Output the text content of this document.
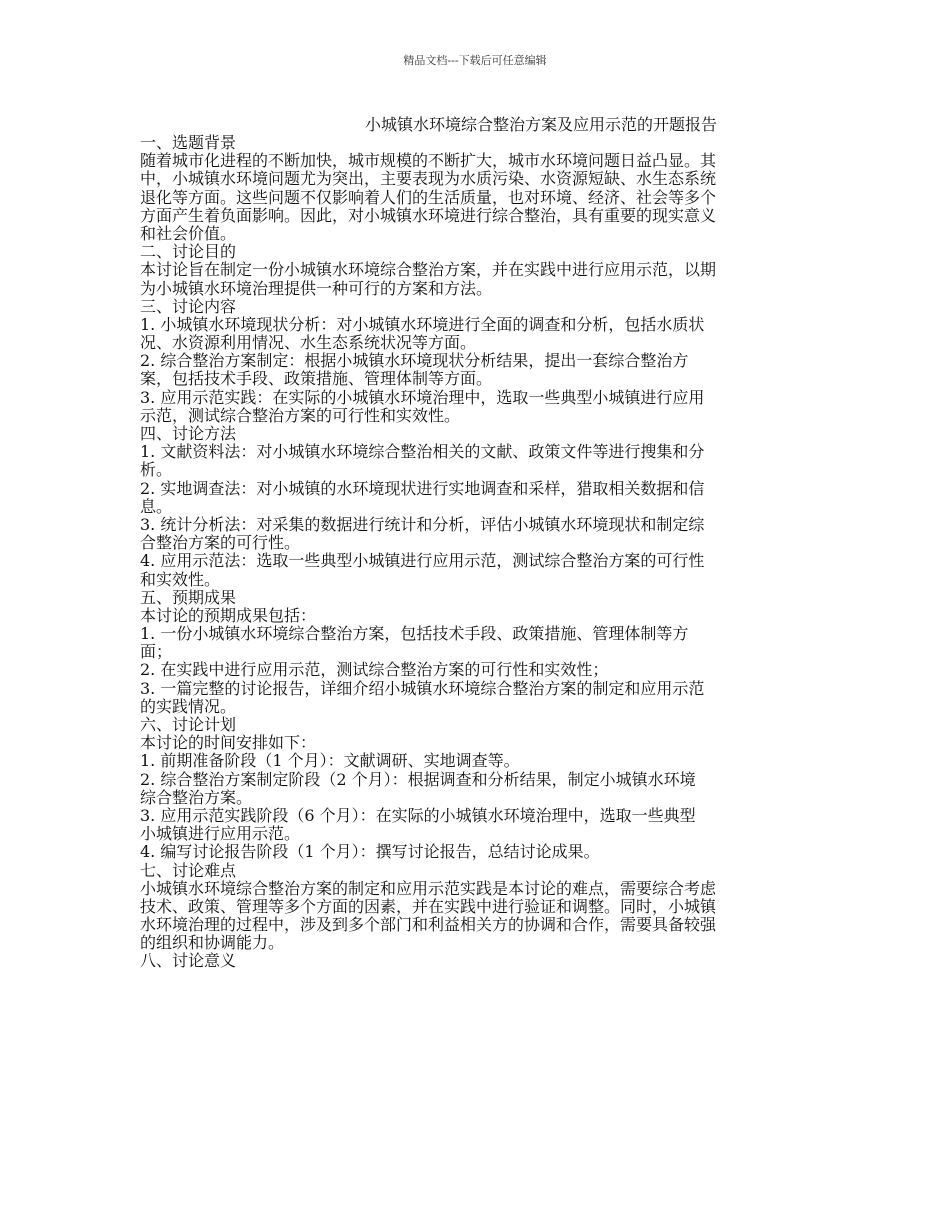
精品文档---下载后可任意编辑
小城镇水环境综合整治方案及应用示范的开题报告
一、选题背景
随着城市化进程的不断加快，城市规模的不断扩大，城市水环境问题日益凸显。其
中，小城镇水环境问题尤为突出，主要表现为水质污染、水资源短缺、水生态系统
退化等方面。这些问题不仅影响着人们的生活质量，也对环境、经济、社会等多个
方面产生着负面影响。因此，对小城镇水环境进行综合整治，具有重要的现实意义
和社会价值。
二、讨论目的
本讨论旨在制定一份小城镇水环境综合整治方案，并在实践中进行应用示范，以期
为小城镇水环境治理提供一种可行的方案和方法。
三、讨论内容
1. 小城镇水环境现状分析：对小城镇水环境进行全面的调查和分析，包括水质状
况、水资源利用情况、水生态系统状况等方面。
2. 综合整治方案制定：根据小城镇水环境现状分析结果，提出一套综合整治方
案，包括技术手段、政策措施、管理体制等方面。
3. 应用示范实践：在实际的小城镇水环境治理中，选取一些典型小城镇进行应用
示范，测试综合整治方案的可行性和实效性。
四、讨论方法
1. 文献资料法：对小城镇水环境综合整治相关的文献、政策文件等进行搜集和分
析。
2. 实地调查法：对小城镇的水环境现状进行实地调查和采样，猎取相关数据和信
息。
3. 统计分析法：对采集的数据进行统计和分析，评估小城镇水环境现状和制定综
合整治方案的可行性。
4. 应用示范法：选取一些典型小城镇进行应用示范，测试综合整治方案的可行性
和实效性。
五、预期成果
本讨论的预期成果包括：
1. 一份小城镇水环境综合整治方案，包括技术手段、政策措施、管理体制等方
面；
2. 在实践中进行应用示范，测试综合整治方案的可行性和实效性；
3. 一篇完整的讨论报告，详细介绍小城镇水环境综合整治方案的制定和应用示范
的实践情况。
六、讨论计划
本讨论的时间安排如下：
1. 前期准备阶段（1 个月）：文献调研、实地调查等。
2. 综合整治方案制定阶段（2 个月）：根据调查和分析结果，制定小城镇水环境
综合整治方案。
3. 应用示范实践阶段（6 个月）：在实际的小城镇水环境治理中，选取一些典型
小城镇进行应用示范。
4. 编写讨论报告阶段（1 个月）：撰写讨论报告，总结讨论成果。
七、讨论难点
小城镇水环境综合整治方案的制定和应用示范实践是本讨论的难点，需要综合考虑
技术、政策、管理等多个方面的因素，并在实践中进行验证和调整。同时，小城镇
水环境治理的过程中，涉及到多个部门和利益相关方的协调和合作，需要具备较强
的组织和协调能力。
八、讨论意义
